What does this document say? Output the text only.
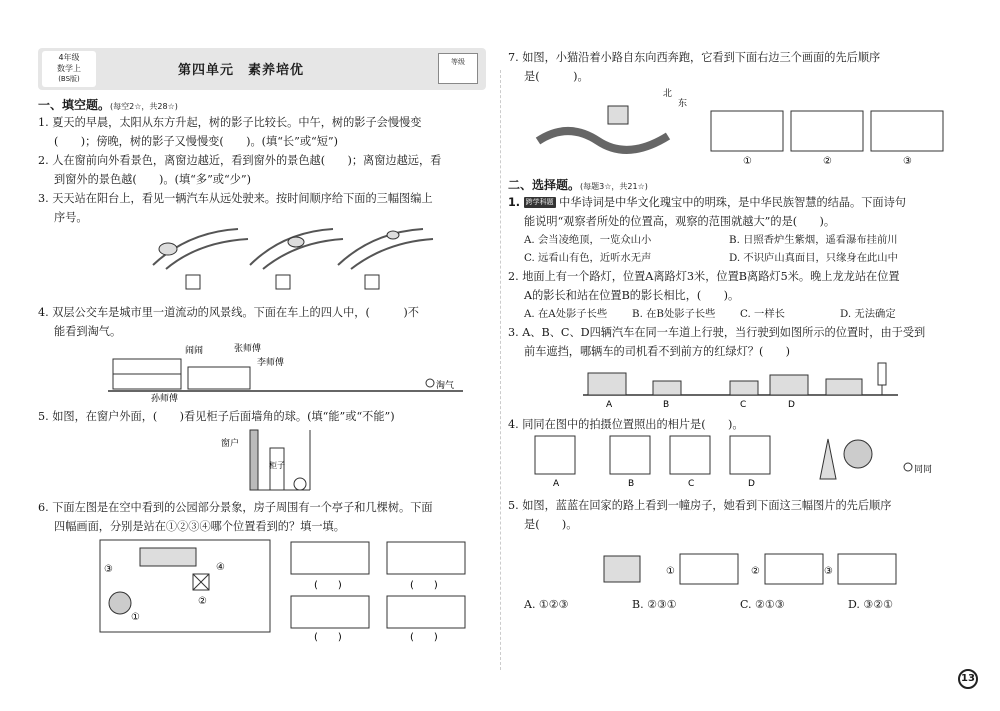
4年级
数学上
(BS版)
第四单元　素养培优
等级
一、填空题。(每空2☆，共28☆)

1. 夏天的早晨，太阳从东方升起，树的影子比较长。中午，树的影子会慢慢变

(　　)；傍晚，树的影子又慢慢变(　　)。(填“长”或“短”)

2. 人在窗前向外看景色，离窗边越近，看到窗外的景色越(　　)；离窗边越远，看

到窗外的景色越(　　)。(填“多”或“少”)

3. 天天站在阳台上，看见一辆汽车从远处驶来。按时间顺序给下面的三幅图编上

序号。

4. 双层公交车是城市里一道流动的风景线。下面在车上的四人中，(　　　)不

能看到淘气。

闹闹	张师傅
李师傅
孙师傅
淘气

5. 如图，在窗户外面，(　　)看见柜子后面墙角的球。(填“能”或“不能”)

窗户
柜子

6. 下面左图是在空中看到的公园部分景象，房子周围有一个亭子和几棵树。下面

四幅画面，分别是站在①②③④哪个位置看到的？填一填。

③	④
②
①
(　　)	(　　)
(　　)	(　　)

7. 如图，小猫沿着小路自东向西奔跑，它看到下面右边三个画面的先后顺序

是(　　　)。

北
东
①	②	③
二、选择题。(每题3☆，共21☆)

1. 跨学科题 中华诗词是中华文化瑰宝中的明珠，是中华民族智慧的结晶。下面诗句

能说明“观察者所处的位置高，观察的范围就越大”的是(　　)。

A. 会当凌绝顶，一览众山小	B. 日照香炉生紫烟，遥看瀑布挂前川
C. 远看山有色，近听水无声	D. 不识庐山真面目，只缘身在此山中

2. 地面上有一个路灯，位置A离路灯3米，位置B离路灯5米。晚上龙龙站在位置

A的影长和站在位置B的影长相比，(　　)。

A. 在A处影子长些	B. 在B处影子长些	C. 一样长	D. 无法确定

3. A、B、C、D四辆汽车在同一车道上行驶，当行驶到如图所示的位置时，由于受到

前车遮挡，哪辆车的司机看不到前方的红绿灯？(　　)

A	B	C	D

4. 同同在图中的拍摄位置照出的相片是(　　)。

A	B	C	D
同同

5. 如图，蓝蓝在回家的路上看到一幢房子，她看到下面这三幅图片的先后顺序

是(　　)。

①	②	③
A. ①②③	B. ②③①	C. ②①③	D. ③②①
13
